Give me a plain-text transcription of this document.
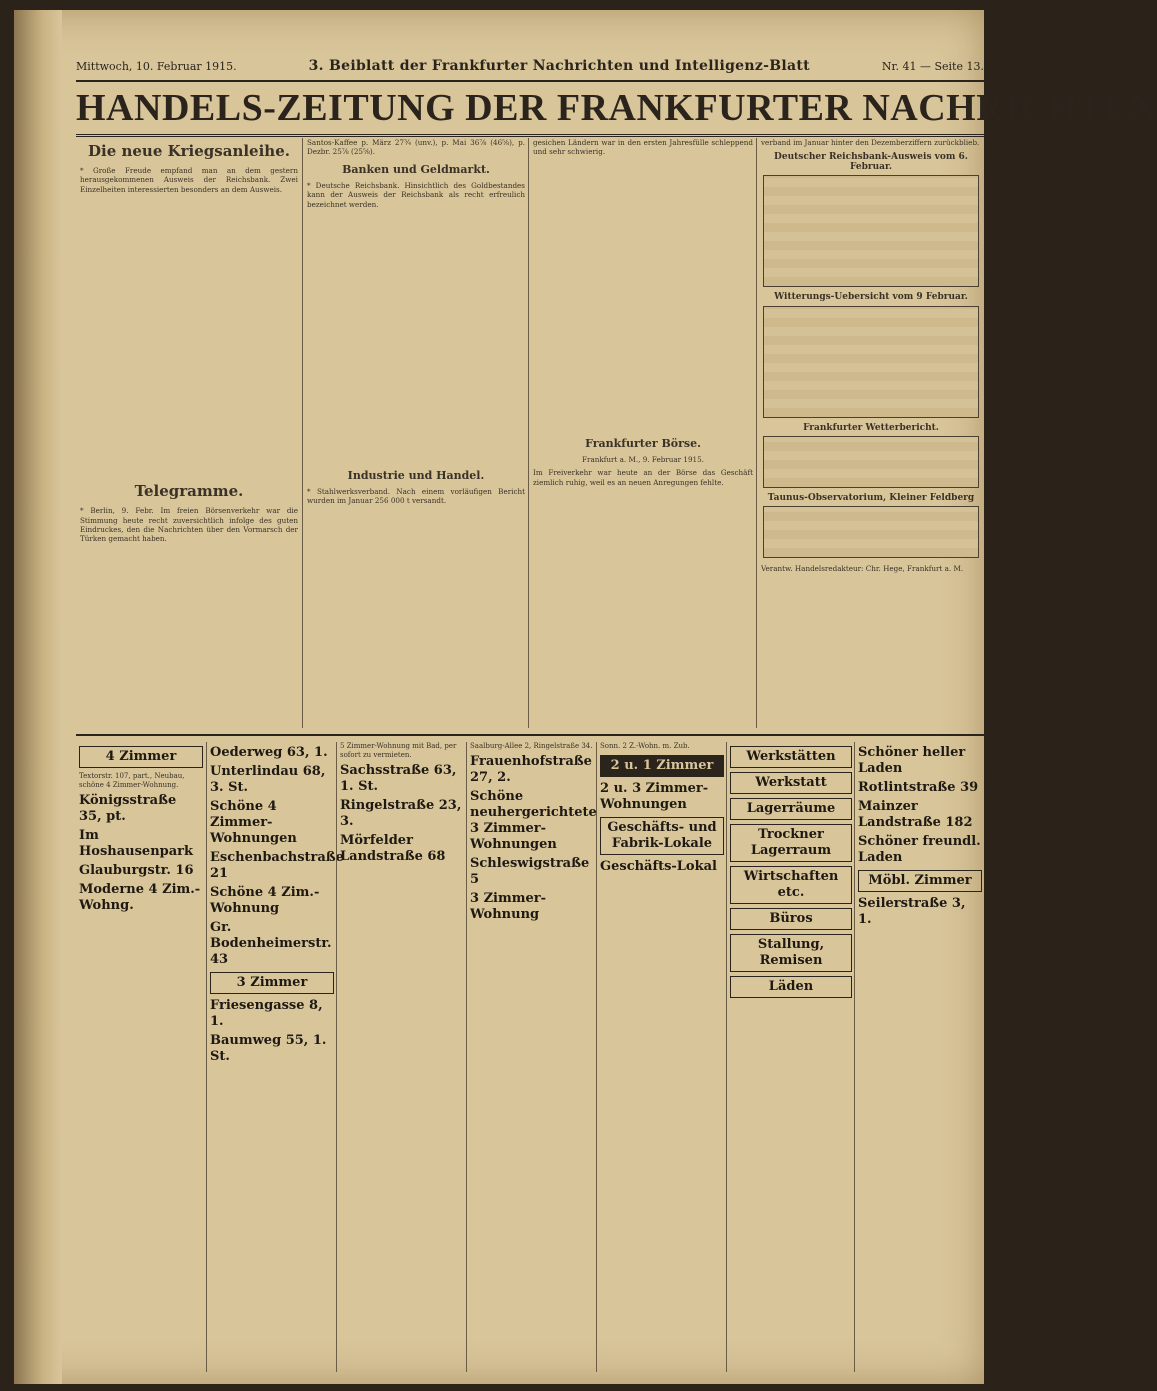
Mittwoch, 10. Februar 1915.	3. Beiblatt der Frankfurter Nachrichten und Intelligenz-Blatt	Nr. 41 — Seite 13.
HANDELS-ZEITUNG DER FRANKFURTER NACHRICHTEN
Die neue Kriegsanleihe.

* Große Freude empfand man an dem gestern herausgekommenen Ausweis der Reichsbank. Zwei Einzelheiten interessierten besonders an dem Ausweis.

Telegramme.

* Berlin, 9. Febr. Im freien Börsenverkehr war die Stimmung heute recht zuversichtlich infolge des guten Eindruckes, den die Nachrichten über den Vormarsch der Türken gemacht haben.

Santos-Kaffee p. März 27¾ (unv.), p. Mai 36⅞ (46⅝), p. Dezbr. 25⅞ (25⅝).

Banken und Geldmarkt.

* Deutsche Reichsbank. Hinsichtlich des Goldbestandes kann der Ausweis der Reichsbank als recht erfreulich bezeichnet werden.

Industrie und Handel.

* Stahlwerksverband. Nach einem vorläufigen Bericht wurden im Januar 256 000 t versandt.

gesichen Ländern war in den ersten Jahresfülle schleppend und sehr schwierig.

Frankfurter Börse.

Frankfurt a. M., 9. Februar 1915.

Im Freiverkehr war heute an der Börse das Geschäft ziemlich ruhig, weil es an neuen Anregungen fehlte.

verband im Januar hinter den Dezemberziffern zurückblieb.

Deutscher Reichsbank-Ausweis vom 6. Februar.
Witterungs-Uebersicht vom 9 Februar.
Frankfurter Wetterbericht.
Taunus-Observatorium, Kleiner Feldberg

Verantw. Handelsredakteur: Chr. Hege, Frankfurt a. M.

4 Zimmer
Textorstr. 107, part., Neubau, schöne 4 Zimmer-Wohnung.
Königsstraße 35, pt.
Im Hoshausenpark
Glauburgstr. 16
Moderne 4 Zim.-Wohng.
Oederweg 63, 1.
Unterlindau 68, 3. St.
Schöne 4 Zimmer-Wohnungen
Eschenbachstraße 21
Schöne 4 Zim.-Wohnung
Gr. Bodenheimerstr. 43
3 Zimmer
Friesengasse 8, 1.
Baumweg 55, 1. St.
5 Zimmer-Wohnung mit Bad, per sofort zu vermieten.
Sachsstraße 63, 1. St.
Ringelstraße 23, 3.
Mörfelder Landstraße 68
Saalburg-Allee 2, Ringelstraße 34.
Frauenhofstraße 27, 2.
Schöne neuhergerichtete 3 Zimmer-Wohnungen
Schleswigstraße 5
3 Zimmer-Wohnung
Sonn. 2 Z.-Wohn. m. Zub.
2 u. 1 Zimmer
2 u. 3 Zimmer-Wohnungen
Geschäfts- und Fabrik-Lokale
Geschäfts-Lokal
Werkstätten
Werkstatt
Lagerräume
Trockner Lagerraum
Wirtschaften etc.
Büros
Stallung, Remisen
Läden
Schöner heller Laden
Rotlintstraße 39
Mainzer Landstraße 182
Schöner freundl. Laden
Möbl. Zimmer
Seilerstraße 3, 1.
